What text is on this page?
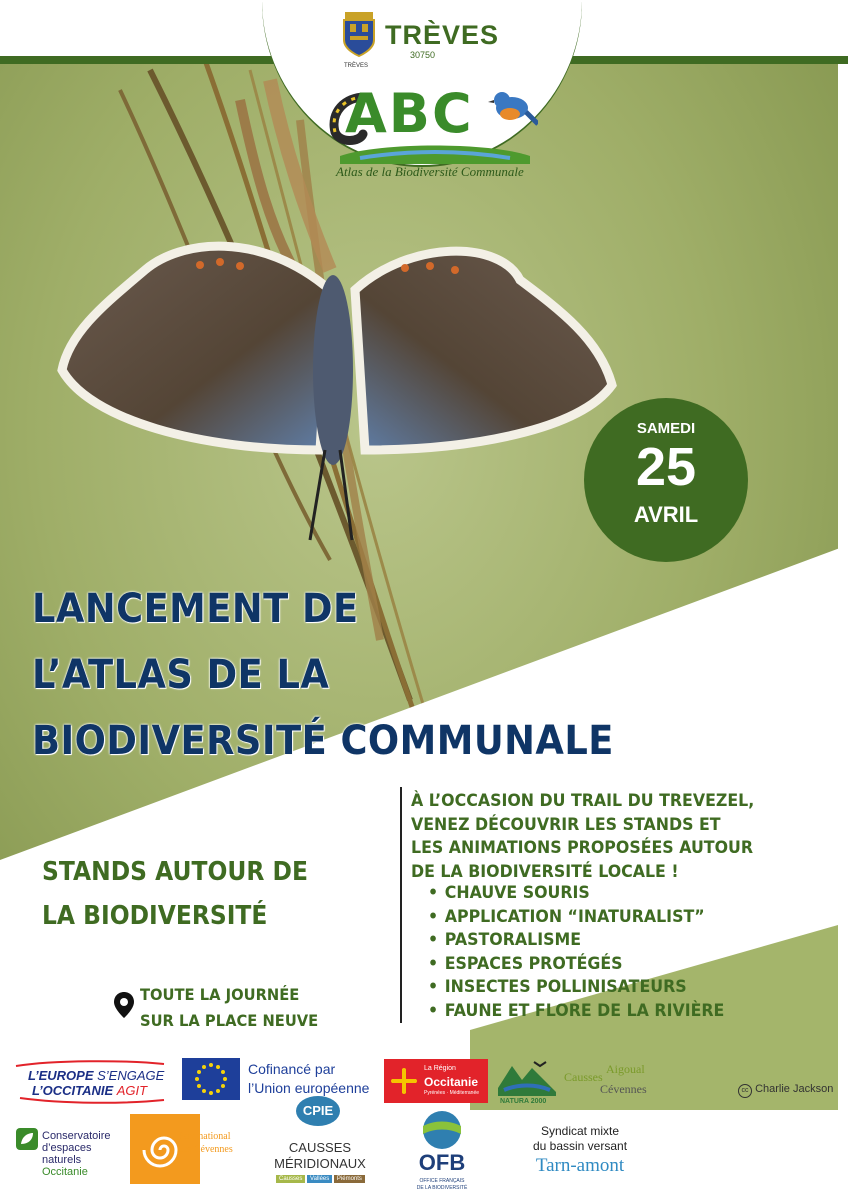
TRÈVES
30750
TRÈVES
ABC
Atlas de la Biodiversité Communale
SAMEDI
25
AVRIL
LANCEMENT DE
L’ATLAS DE LA
BIODIVERSITÉ COMMUNALE
STANDS AUTOUR DE
LA BIODIVERSITÉ
À L’OCCASION DU TRAIL DU TREVEZEL,
VENEZ DÉCOUVRIR LES STANDS ET
LES ANIMATIONS PROPOSÉES AUTOUR
DE LA BIODIVERSITÉ LOCALE !
• CHAUVE SOURIS
• APPLICATION “INATURALIST”
• PASTORALISME
• ESPACES PROTÉGÉS
• INSECTES POLLINISATEURS
• FAUNE ET FLORE DE LA RIVIÈRE
TOUTE LA JOURNÉE
SUR LA PLACE NEUVE
cc Charlie Jackson
L’EUROPE S’ENGAGE
L’OCCITANIE AGIT
Cofinancé par
l’Union européenne
La Région
Occitanie
Pyrénées · Méditerranée
NATURA 2000
Causses
Aigoual
Cévennes
Conservatoire
d’espaces naturels
Occitanie
Parc national
des Cévennes
CPIE
CAUSSES
MÉRIDIONAUX
Causses Vallées Piémonts
OFB
OFFICE FRANÇAIS
DE LA BIODIVERSITÉ
Syndicat mixte
du bassin versant
Tarn-amont
